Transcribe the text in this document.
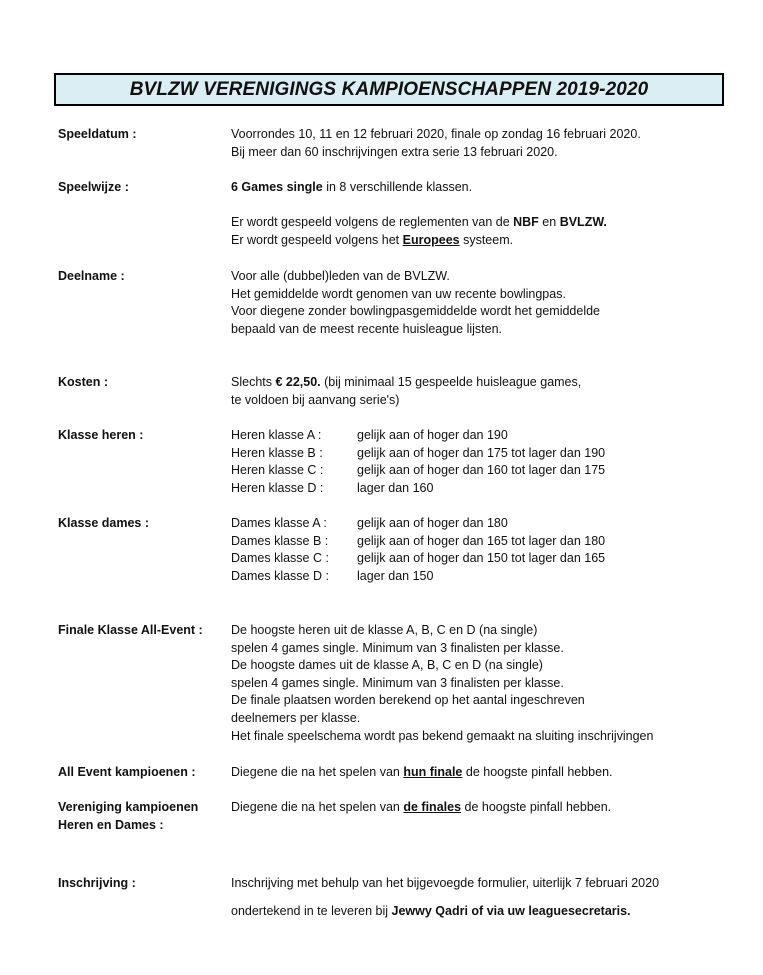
BVLZW VERENIGINGS KAMPIOENSCHAPPEN 2019-2020
Speeldatum :	Voorrondes 10, 11 en 12 februari 2020, finale op zondag 16 februari 2020.
Bij meer dan 60 inschrijvingen extra serie 13 februari 2020.
Speelwijze :	6 Games single in 8 verschillende klassen.
Er wordt gespeeld volgens de reglementen van de NBF en BVLZW.
Er wordt gespeeld volgens het Europees systeem.
Deelname :	Voor alle (dubbel)leden van de BVLZW.
Het gemiddelde wordt genomen van uw recente bowlingpas.
Voor diegene zonder bowlingpasgemiddelde wordt het gemiddelde
bepaald van de meest recente huisleague lijsten.
Kosten :	Slechts € 22,50. (bij minimaal 15 gespeelde huisleague games,
te voldoen bij aanvang serie's)
Klasse heren :	Heren klasse A :	gelijk aan of hoger dan 190
Heren klasse B :	gelijk aan of hoger dan 175 tot lager dan 190
Heren klasse C :	gelijk aan of hoger dan 160 tot lager dan 175
Heren klasse D :	lager dan 160
Klasse dames :	Dames klasse A : gelijk aan of hoger dan 180
Dames klasse B : gelijk aan of hoger dan 165 tot lager dan 180
Dames klasse C : gelijk aan of hoger dan 150 tot lager dan 165
Dames klasse D : lager dan 150
Finale Klasse All-Event : De hoogste heren uit de klasse A, B, C en D (na single)
spelen 4 games single. Minimum van 3 finalisten per klasse.
De hoogste dames uit de klasse A, B, C en D (na single)
spelen 4 games single. Minimum van 3 finalisten per klasse.
De finale plaatsen worden berekend op het aantal ingeschreven
deelnemers per klasse.
Het finale speelschema wordt pas bekend gemaakt na sluiting inschrijvingen
All Event kampioenen :	Diegene die na het spelen van hun finale de hoogste pinfall hebben.
Vereniging kampioenen
Heren en Dames :
Diegene die na het spelen van de finales de hoogste pinfall hebben.
Inschrijving :	Inschrijving met behulp van het bijgevoegde formulier, uiterlijk 7 februari 2020
ondertekend in te leveren bij Jewwy Qadri of via uw leaguesecretaris.
